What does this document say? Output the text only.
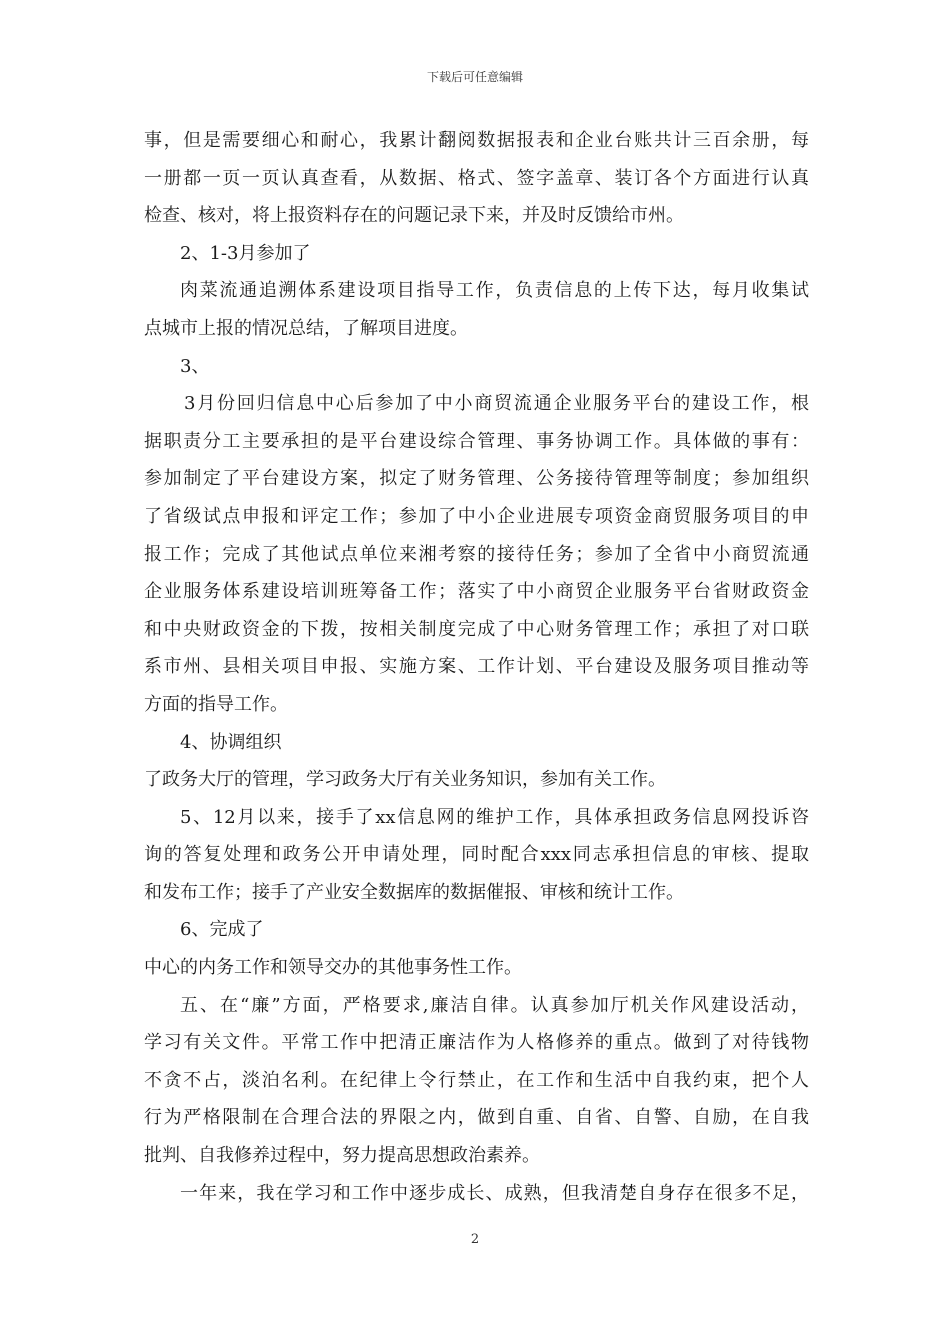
下载后可任意编辑
事，但是需要细心和耐心，我累计翻阅数据报表和企业台账共计三百余册，每
一册都一页一页认真查看，从数据、格式、签字盖章、装订各个方面进行认真
检查、核对，将上报资料存在的问题记录下来，并及时反馈给市州。
2、1-3月参加了
肉菜流通追溯体系建设项目指导工作，负责信息的上传下达，每月收集试
点城市上报的情况总结，了解项目进度。
3、
3月份回归信息中心后参加了中小商贸流通企业服务平台的建设工作，根
据职责分工主要承担的是平台建设综合管理、事务协调工作。具体做的事有：
参加制定了平台建设方案，拟定了财务管理、公务接待管理等制度；参加组织
了省级试点申报和评定工作；参加了中小企业进展专项资金商贸服务项目的申
报工作；完成了其他试点单位来湘考察的接待任务；参加了全省中小商贸流通
企业服务体系建设培训班筹备工作；落实了中小商贸企业服务平台省财政资金
和中央财政资金的下拨，按相关制度完成了中心财务管理工作；承担了对口联
系市州、县相关项目申报、实施方案、工作计划、平台建设及服务项目推动等
方面的指导工作。
4、协调组织
了政务大厅的管理，学习政务大厅有关业务知识，参加有关工作。
5、12月以来，接手了xx信息网的维护工作，具体承担政务信息网投诉咨
询的答复处理和政务公开申请处理，同时配合xxx同志承担信息的审核、提取
和发布工作；接手了产业安全数据库的数据催报、审核和统计工作。
6、完成了
中心的内务工作和领导交办的其他事务性工作。
五、在“廉”方面，严格要求,廉洁自律。认真参加厅机关作风建设活动，
学习有关文件。平常工作中把清正廉洁作为人格修养的重点。做到了对待钱物
不贪不占，淡泊名利。在纪律上令行禁止，在工作和生活中自我约束，把个人
行为严格限制在合理合法的界限之内，做到自重、自省、自警、自励，在自我
批判、自我修养过程中，努力提高思想政治素养。
一年来，我在学习和工作中逐步成长、成熟，但我清楚自身存在很多不足，
2
